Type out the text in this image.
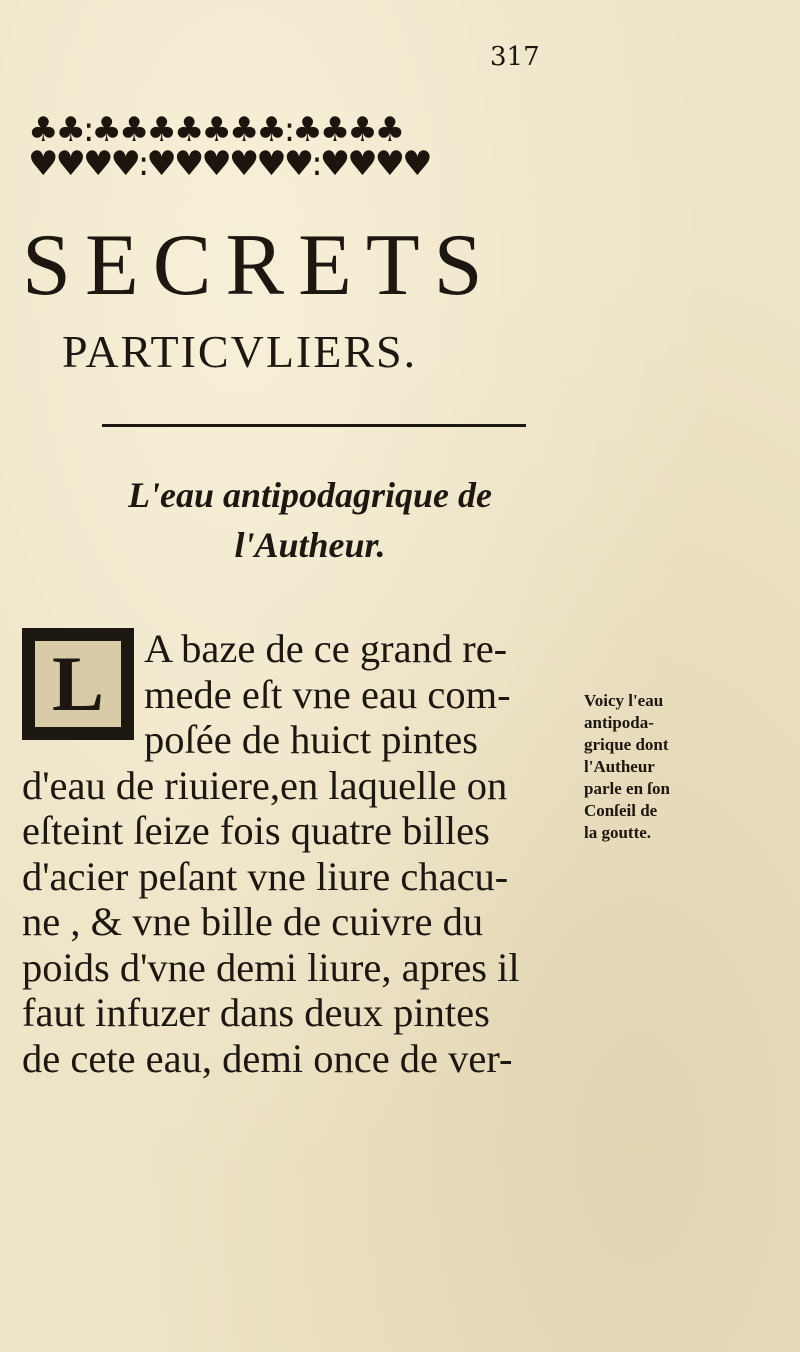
317
♣♣:♣♣♣♣♣♣♣:♣♣♣♣
♥♥♥♥:♥♥♥♥♥♥:♥♥♥♥
SECRETS
PARTICVLIERS.
L'eau antipodagrique de
l'Autheur.
L A baze de ce grand re-
mede eſt vne eau com-
poſée de huict pintes
d'eau de riuiere,en laquelle on
eſteint ſeize fois quatre billes
d'acier peſant vne liure chacu-
ne , & vne bille de cuivre du
poids d'vne demi liure, apres il
faut infuzer dans deux pintes
de cete eau, demi once de ver-
Voicy l'eau
antipoda-
grique dont
l'Autheur
parle en ſon
Conſeil de
la goutte.
